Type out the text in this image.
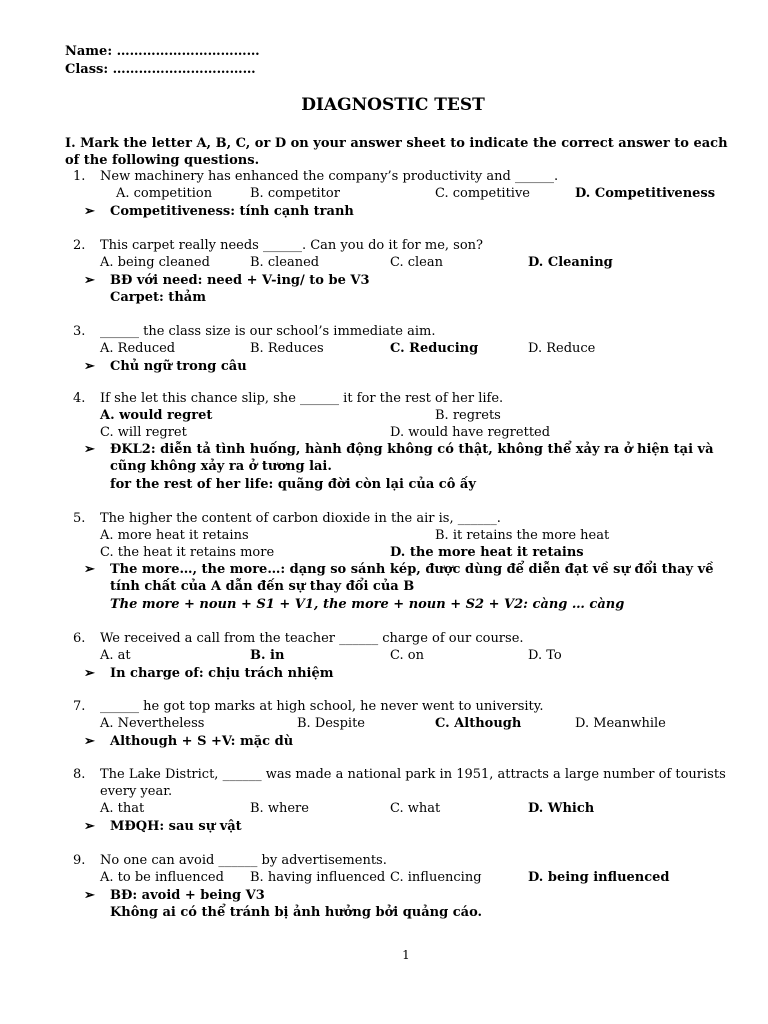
Name: ……………………………
Class: ……………………………
DIAGNOSTIC TEST
I. Mark the letter A, B, C, or D on your answer sheet to indicate the correct answer to each of the following questions.
1. New machinery has enhanced the company’s productivity and ______.
A. competition	B. competitor	C. competitive	D. Competitiveness
➢ Competitiveness: tính cạnh tranh
2. This carpet really needs ______. Can you do it for me, son?
A. being cleaned	B. cleaned	C. clean	D. Cleaning
➢ BĐ với need: need + V-ing/ to be V3
Carpet: thảm
3. ______ the class size is our school’s immediate aim.
A. Reduced	B. Reduces	C. Reducing	D. Reduce
➢ Chủ ngữ trong câu
4. If she let this chance slip, she ______ it for the rest of her life.
A. would regret	B. regrets
C. will regret	D. would have regretted
➢ ĐKL2: diễn tả tình huống, hành động không có thật, không thể xảy ra ở hiện tại và
cũng không xảy ra ở tương lai.
for the rest of her life: quãng đời còn lại của cô ấy
5. The higher the content of carbon dioxide in the air is, ______.
A. more heat it retains	B. it retains the more heat
C. the heat it retains more	D. the more heat it retains
➢ The more…, the more…: dạng so sánh kép, được dùng để diễn đạt về sự đổi thay về
tính chất của A dẫn đến sự thay đổi của B
The more + noun + S1 + V1, the more + noun + S2 + V2: càng … càng
6. We received a call from the teacher ______ charge of our course.
A. at	B. in	C. on	D. To
➢ In charge of: chịu trách nhiệm
7. ______ he got top marks at high school, he never went to university.
A. Nevertheless	B. Despite	C. Although	D. Meanwhile
➢ Although + S +V: mặc dù
8. The Lake District, ______ was made a national park in 1951, attracts a large number of tourists
every year.
A. that	B. where	C. what	D. Which
➢ MĐQH: sau sự vật
9. No one can avoid ______ by advertisements.
A. to be influenced B. having influenced C. influencing	D. being influenced
➢ BĐ: avoid + being V3
Không ai có thể tránh bị ảnh hưởng bởi quảng cáo.
1
